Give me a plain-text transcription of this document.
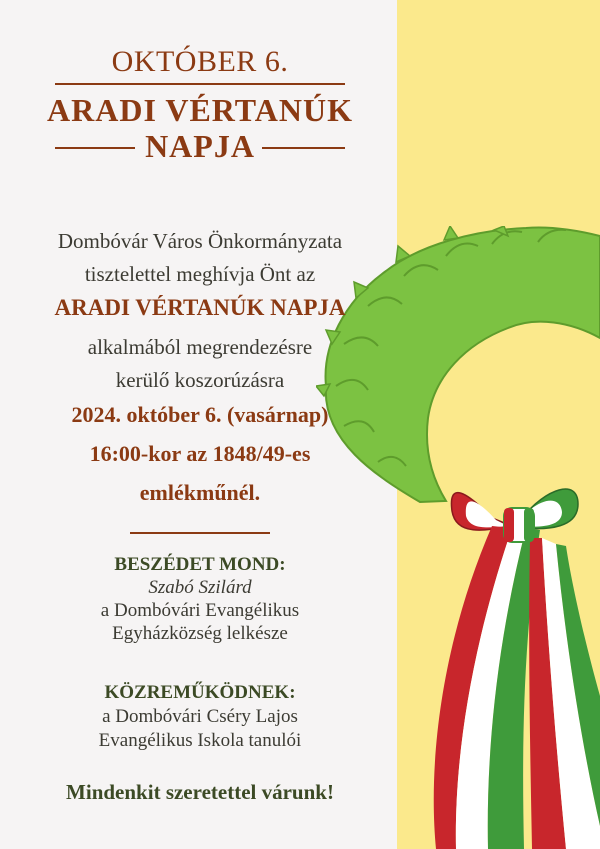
OKTÓBER 6.
ARADI VÉRTANÚK
NAPJA
Dombóvár Város Önkormányzata
tisztelettel meghívja Önt az
ARADI VÉRTANÚK NAPJA
alkalmából megrendezésre
kerülő koszorúzásra
2024. október 6. (vasárnap)
16:00-kor az 1848/49-es
emlékműnél.
BESZÉDET MOND:
Szabó Szilárd
a Dombóvári Evangélikus
Egyházközség lelkésze
KÖZREMŰKÖDNEK:
a Dombóvári Cséry Lajos
Evangélikus Iskola tanulói
Mindenkit szeretettel várunk!
